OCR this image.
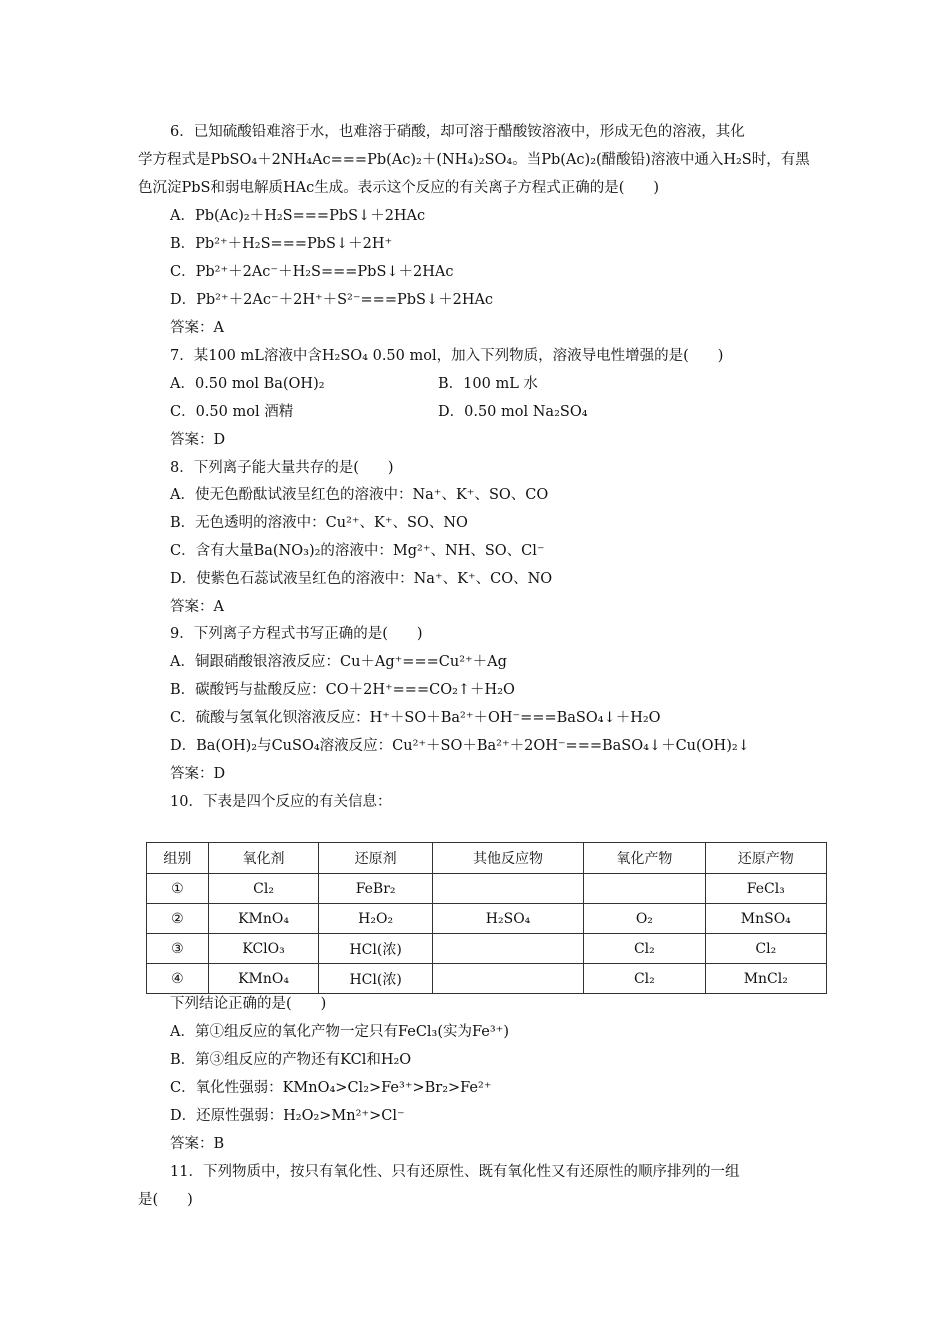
6．已知硫酸铅难溶于水，也难溶于硝酸，却可溶于醋酸铵溶液中，形成无色的溶液，其化
学方程式是PbSO₄＋2NH₄Ac===Pb(Ac)₂＋(NH₄)₂SO₄。当Pb(Ac)₂(醋酸铅)溶液中通入H₂S时，有黑
色沉淀PbS和弱电解质HAc生成。表示这个反应的有关离子方程式正确的是(　　)
A．Pb(Ac)₂＋H₂S===PbS↓＋2HAc
B．Pb²⁺＋H₂S===PbS↓＋2H⁺
C．Pb²⁺＋2Ac⁻＋H₂S===PbS↓＋2HAc
D．Pb²⁺＋2Ac⁻＋2H⁺＋S²⁻===PbS↓＋2HAc
答案：A
7．某100 mL溶液中含H₂SO₄ 0.50 mol，加入下列物质，溶液导电性增强的是(　　)
A．0.50 mol Ba(OH)₂	B．100 mL 水
C．0.50 mol 酒精	D．0.50 mol Na₂SO₄
答案：D
8．下列离子能大量共存的是(　　)
A．使无色酚酞试液呈红色的溶液中：Na⁺、K⁺、SO、CO
B．无色透明的溶液中：Cu²⁺、K⁺、SO、NO
C．含有大量Ba(NO₃)₂的溶液中：Mg²⁺、NH、SO、Cl⁻
D．使紫色石蕊试液呈红色的溶液中：Na⁺、K⁺、CO、NO
答案：A
9．下列离子方程式书写正确的是(　　)
A．铜跟硝酸银溶液反应：Cu＋Ag⁺===Cu²⁺＋Ag
B．碳酸钙与盐酸反应：CO＋2H⁺===CO₂↑＋H₂O
C．硫酸与氢氧化钡溶液反应：H⁺＋SO＋Ba²⁺＋OH⁻===BaSO₄↓＋H₂O
D．Ba(OH)₂与CuSO₄溶液反应：Cu²⁺＋SO＋Ba²⁺＋2OH⁻===BaSO₄↓＋Cu(OH)₂↓
答案：D
10．下表是四个反应的有关信息：
组别	氧化剂	还原剂	其他反应物	氧化产物	还原产物
①	Cl₂	FeBr₂			FeCl₃
②	KMnO₄	H₂O₂	H₂SO₄	O₂	MnSO₄
③	KClO₃	HCl(浓)		Cl₂	Cl₂
④	KMnO₄	HCl(浓)		Cl₂	MnCl₂
下列结论正确的是(　　)
A．第①组反应的氧化产物一定只有FeCl₃(实为Fe³⁺)
B．第③组反应的产物还有KCl和H₂O
C．氧化性强弱：KMnO₄>Cl₂>Fe³⁺>Br₂>Fe²⁺
D．还原性强弱：H₂O₂>Mn²⁺>Cl⁻
答案：B
11．下列物质中，按只有氧化性、只有还原性、既有氧化性又有还原性的顺序排列的一组
是(　　)
